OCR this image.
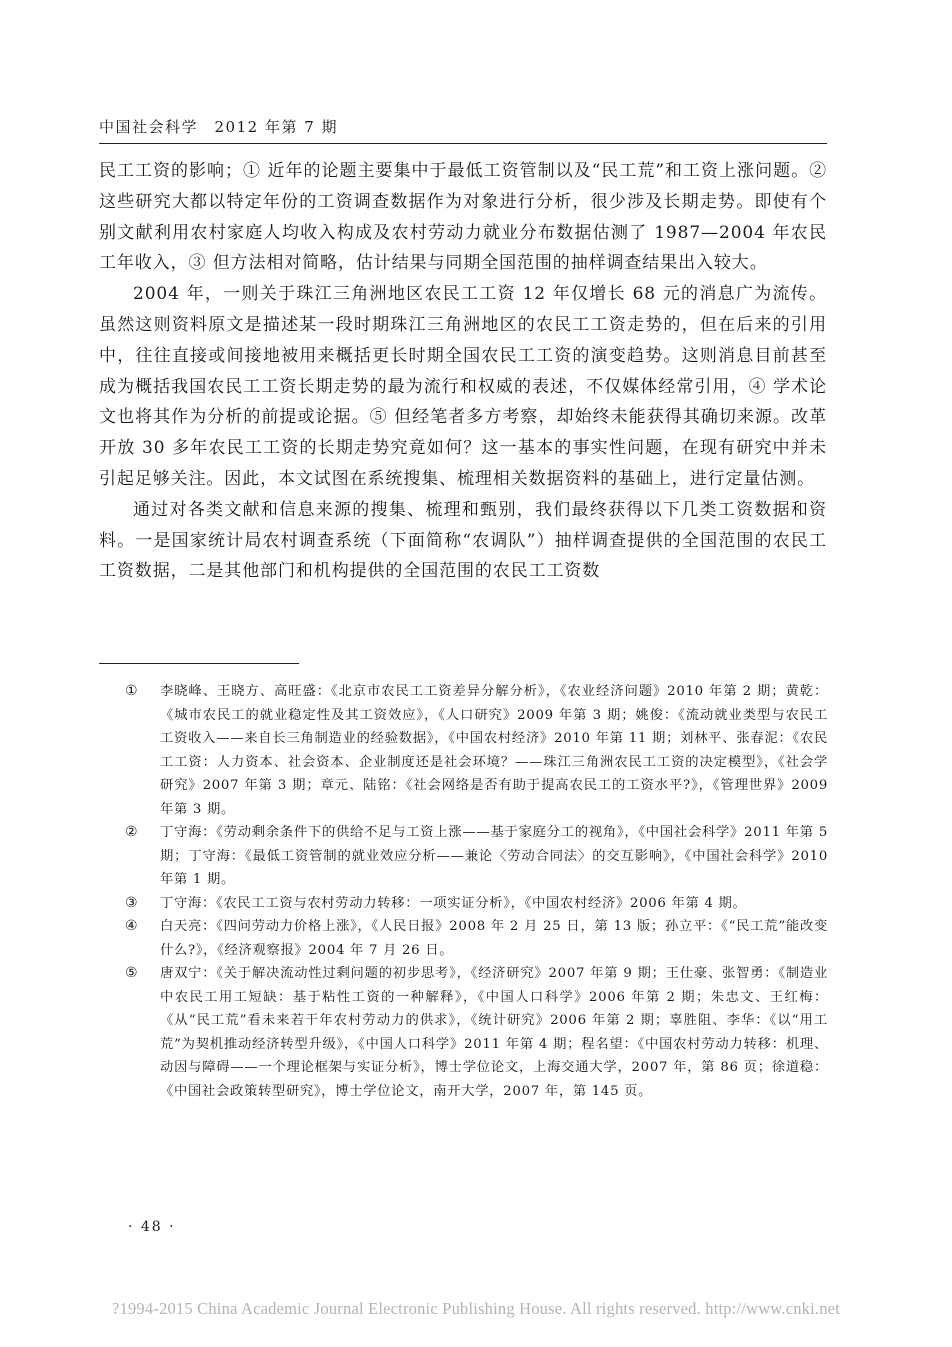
中国社会科学　2012 年第 7 期

民工工资的影响；① 近年的论题主要集中于最低工资管制以及“民工荒”和工资上涨问题。② 这些研究大都以特定年份的工资调查数据作为对象进行分析，很少涉及长期走势。即使有个别文献利用农村家庭人均收入构成及农村劳动力就业分布数据估测了 1987—2004 年农民工年收入，③ 但方法相对简略，估计结果与同期全国范围的抽样调查结果出入较大。

2004 年，一则关于珠江三角洲地区农民工工资 12 年仅增长 68 元的消息广为流传。虽然这则资料原文是描述某一段时期珠江三角洲地区的农民工工资走势的，但在后来的引用中，往往直接或间接地被用来概括更长时期全国农民工工资的演变趋势。这则消息目前甚至成为概括我国农民工工资长期走势的最为流行和权威的表述，不仅媒体经常引用，④ 学术论文也将其作为分析的前提或论据。⑤ 但经笔者多方考察，却始终未能获得其确切来源。改革开放 30 多年农民工工资的长期走势究竟如何？这一基本的事实性问题，在现有研究中并未引起足够关注。因此，本文试图在系统搜集、梳理相关数据资料的基础上，进行定量估测。

通过对各类文献和信息来源的搜集、梳理和甄别，我们最终获得以下几类工资数据和资料。一是国家统计局农村调查系统（下面简称“农调队”）抽样调查提供的全国范围的农民工工资数据，二是其他部门和机构提供的全国范围的农民工工资数

① 李晓峰、王晓方、高旺盛：《北京市农民工工资差异分解分析》，《农业经济问题》2010 年第 2 期；黄乾：《城市农民工的就业稳定性及其工资效应》，《人口研究》2009 年第 3 期；姚俊：《流动就业类型与农民工工资收入——来自长三角制造业的经验数据》，《中国农村经济》2010 年第 11 期；刘林平、张春泥：《农民工工资：人力资本、社会资本、企业制度还是社会环境？——珠江三角洲农民工工资的决定模型》，《社会学研究》2007 年第 3 期；章元、陆铭：《社会网络是否有助于提高农民工的工资水平?》，《管理世界》2009 年第 3 期。
② 丁守海：《劳动剩余条件下的供给不足与工资上涨——基于家庭分工的视角》，《中国社会科学》2011 年第 5 期；丁守海：《最低工资管制的就业效应分析——兼论〈劳动合同法〉的交互影响》，《中国社会科学》2010 年第 1 期。
③ 丁守海：《农民工工资与农村劳动力转移：一项实证分析》，《中国农村经济》2006 年第 4 期。
④ 白天亮：《四问劳动力价格上涨》，《人民日报》2008 年 2 月 25 日，第 13 版；孙立平：《“民工荒”能改变什么?》，《经济观察报》2004 年 7 月 26 日。
⑤ 唐双宁：《关于解决流动性过剩问题的初步思考》，《经济研究》2007 年第 9 期；王仕豪、张智勇：《制造业中农民工用工短缺：基于粘性工资的一种解释》，《中国人口科学》2006 年第 2 期；朱忠文、王红梅：《从“民工荒”看未来若干年农村劳动力的供求》，《统计研究》2006 年第 2 期；辜胜阻、李华：《以“用工荒”为契机推动经济转型升级》，《中国人口科学》2011 年第 4 期；程名望：《中国农村劳动力转移：机理、动因与障碍——一个理论框架与实证分析》，博士学位论文，上海交通大学，2007 年，第 86 页；徐道稳：《中国社会政策转型研究》，博士学位论文，南开大学，2007 年，第 145 页。
· 48 ·
?1994-2015 China Academic Journal Electronic Publishing House. All rights reserved. http://www.cnki.net
